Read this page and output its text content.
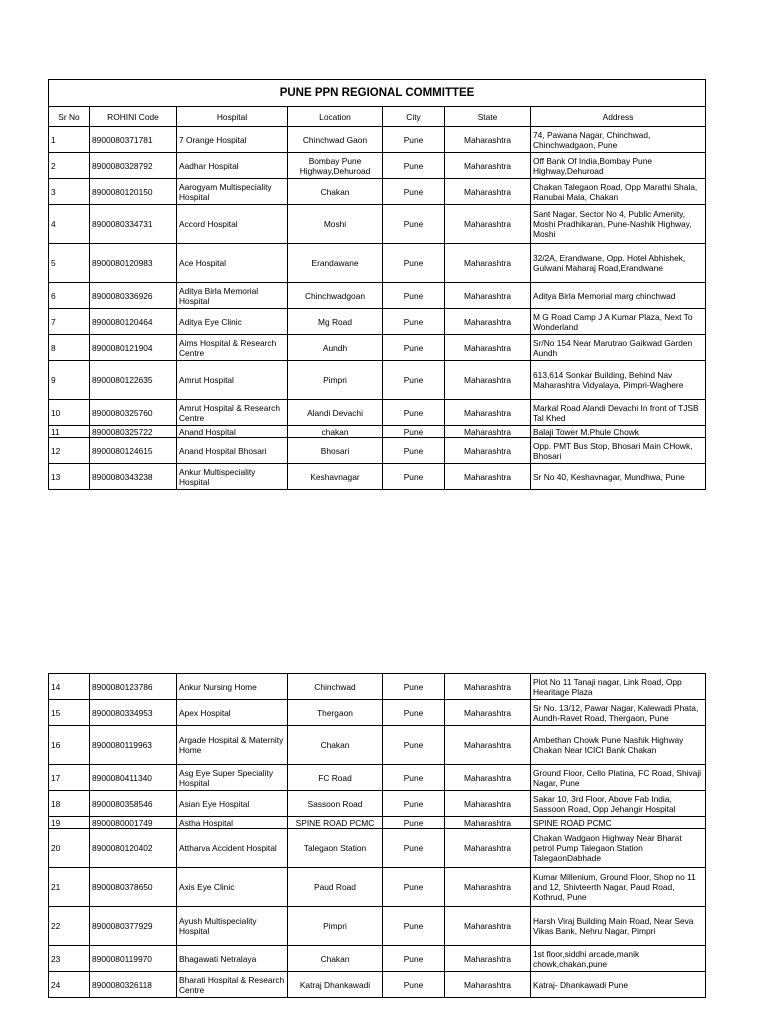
PUNE PPN REGIONAL COMMITTEE						
Sr No	ROHINI Code	Hospital	Location	City	State	Address
1	8900080371781	7 Orange Hospital	Chinchwad Gaon	Pune	Maharashtra	74, Pawana Nagar, Chinchwad, Chinchwadgaon, Pune
2	8900080328792	Aadhar Hospital	Bombay Pune Highway,Dehuroad	Pune	Maharashtra	Off Bank Of India,Bombay Pune Highway,Dehuroad
3	8900080120150	Aarogyam Multispeciality Hospital	Chakan	Pune	Maharashtra	Chakan Talegaon Road, Opp Marathi Shala, Ranubai Mala, Chakan
4	8900080334731	Accord Hospital	Moshi	Pune	Maharashtra	Sant Nagar, Sector No 4, Public Amenity, Moshi Pradhikaran, Pune-Nashik Highway, Moshi
5	8900080120983	Ace Hospital	Erandawane	Pune	Maharashtra	32/2A, Erandwane, Opp. Hotel Abhishek, Gulwani Maharaj Road,Erandwane
6	8900080336926	Aditya Birla Memorial Hospital	Chinchwadgoan	Pune	Maharashtra	Aditya Birla Memorial marg chinchwad
7	8900080120464	Aditya Eye Clinic	Mg Road	Pune	Maharashtra	M G Road Camp J A Kumar Plaza, Next To Wonderland
8	8900080121904	Aims Hospital & Research Centre	Aundh	Pune	Maharashtra	Sr/No 154 Near Marutrao Gaikwad Garden Aundh
9	8900080122635	Amrut Hospital	Pimpri	Pune	Maharashtra	613,614 Sonkar Building, Behind Nav Maharashtra Vidyalaya, Pimpri-Waghere
10	8900080325760	Amrut Hospital & Research Centre	Alandi Devachi	Pune	Maharashtra	Markal Road Alandi Devachi In front of TJSB Tal Khed
11	8900080325722	Anand Hospital	chakan	Pune	Maharashtra	Balaji Tower M.Phule Chowk
12	8900080124615	Anand Hospital Bhosari	Bhosari	Pune	Maharashtra	Opp. PMT Bus Stop, Bhosari Main CHowk, Bhosari
13	8900080343238	Ankur Multispeciality Hospital	Keshavnagar	Pune	Maharashtra	Sr No 40, Keshavnagar, Mundhwa, Pune
14	8900080123786	Ankur Nursing Home	Chinchwad	Pune	Maharashtra	Plot No 11 Tanaji nagar, Link Road, Opp Hearitage Plaza
15	8900080334953	Apex Hospital	Thergaon	Pune	Maharashtra	Sr No. 13/12, Pawar Nagar, Kalewadi Phata, Aundh-Ravet Road, Thergaon, Pune
16	8900080119963	Argade Hospital & Maternity Home	Chakan	Pune	Maharashtra	Ambethan Chowk Pune Nashik Highway Chakan Near ICICI Bank Chakan
17	8900080411340	Asg Eye Super Speciality Hospital	FC Road	Pune	Maharashtra	Ground Floor, Cello Platina, FC Road, Shivaji Nagar, Pune
18	8900080358546	Asian Eye Hospital	Sassoon Road	Pune	Maharashtra	Sakar 10, 3rd Floor, Above Fab India, Sassoon Road, Opp Jehangir Hospital
19	8900080001749	Astha Hospital	SPINE ROAD PCMC	Pune	Maharashtra	SPINE ROAD PCMC
20	8900080120402	Attharva Accident Hospital	Talegaon Station	Pune	Maharashtra	Chakan Wadgaon Highway Near Bharat petrol Pump Talegaon Station TalegaonDabhade
21	8900080378650	Axis Eye Clinic	Paud Road	Pune	Maharashtra	Kumar Millenium, Ground Floor, Shop no 11 and 12, Shivteerth Nagar, Paud Road, Kothrud, Pune
22	8900080377929	Ayush Multispeciality Hospital	Pimpri	Pune	Maharashtra	Harsh Viraj Building Main Road, Near Seva Vikas Bank, Nehru Nagar, Pimpri
23	8900080119970	Bhagawati Netralaya	Chakan	Pune	Maharashtra	1st floor,siddhi arcade,manik chowk,chakan,pune
24	8900080326118	Bharati Hospital & Research Centre	Katraj Dhankawadi	Pune	Maharashtra	Katraj- Dhankawadi Pune
